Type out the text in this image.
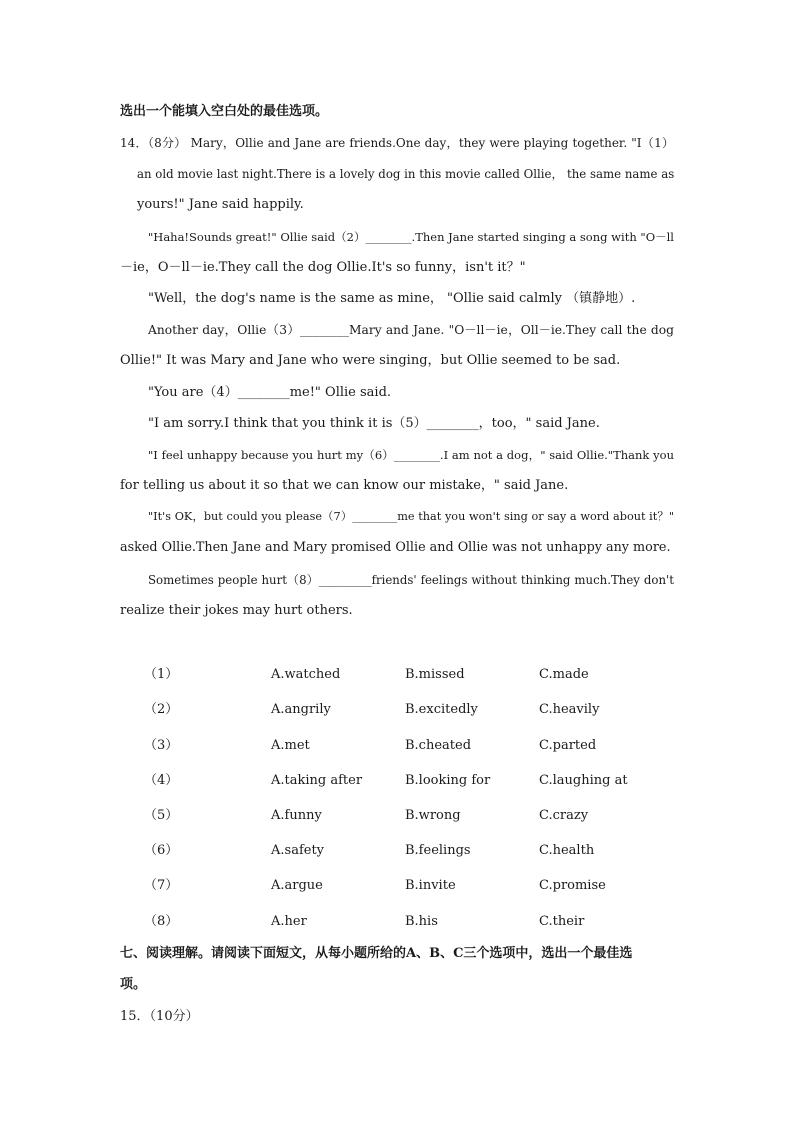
选出一个能填入空白处的最佳选项。
14．（8分） Mary，Ollie and Jane are friends.One day，they were playing together. "I（1）
an old movie last night.There is a lovely dog in this movie called Ollie， the same name as
yours!" Jane said happily.
"Haha!Sounds great!" Ollie said（2）________.Then Jane started singing a song with "O－ll
－ie，O－ll－ie.They call the dog Ollie.It's so funny，isn't it？"
"Well，the dog's name is the same as mine， "Ollie said calmly （镇静地）.
Another day，Ollie（3）________Mary and Jane. "O－ll－ie，Oll－ie.They call the dog
Ollie!" It was Mary and Jane who were singing，but Ollie seemed to be sad.
"You are（4）________me!" Ollie said.
"I am sorry.I think that you think it is（5）________，too，" said Jane.
"I feel unhappy because you hurt my（6）________.I am not a dog，" said Ollie."Thank you
for telling us about it so that we can know our mistake，" said Jane.
"It's OK，but could you please（7）________me that you won't sing or say a word about it？"
asked Ollie.Then Jane and Mary promised Ollie and Ollie was not unhappy any more.
Sometimes people hurt（8）_________friends' feelings without thinking much.They don't
realize their jokes may hurt others.
（1）	A.watched	B.missed	C.made
（2）	A.angrily	B.excitedly	C.heavily
（3）	A.met	B.cheated	C.parted
（4）	A.taking after	B.looking for	C.laughing at
（5）	A.funny	B.wrong	C.crazy
（6）	A.safety	B.feelings	C.health
（7）	A.argue	B.invite	C.promise
（8）	A.her	B.his	C.their
七、阅读理解。请阅读下面短文，从每小题所给的A、B、C三个选项中，选出一个最佳选
项。
15．（10分）
